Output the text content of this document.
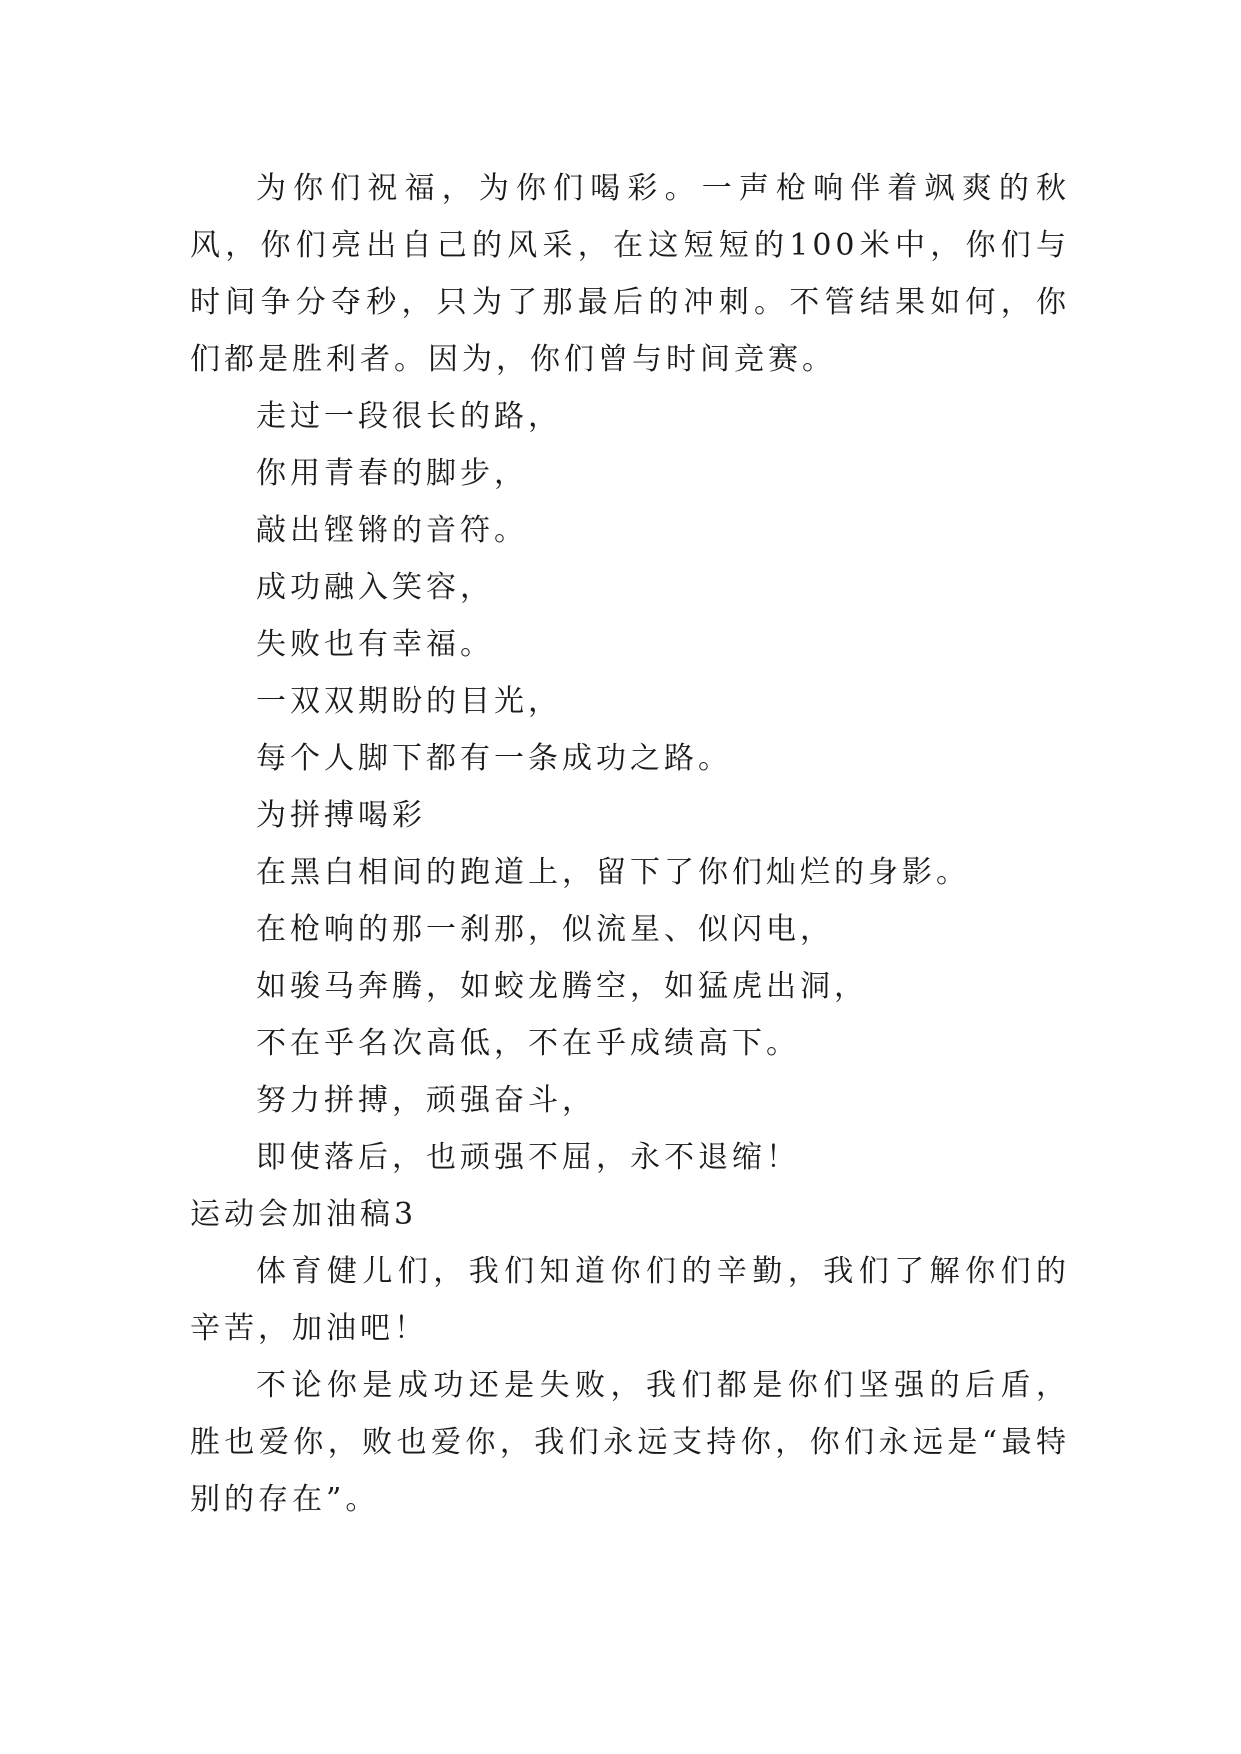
为你们祝福，为你们喝彩。一声枪响伴着飒爽的秋风，你们亮出自己的风采，在这短短的100米中，你们与时间争分夺秒，只为了那最后的冲刺。不管结果如何，你们都是胜利者。因为，你们曾与时间竞赛。

走过一段很长的路，

你用青春的脚步，

敲出铿锵的音符。

成功融入笑容，

失败也有幸福。

一双双期盼的目光，

每个人脚下都有一条成功之路。

为拼搏喝彩

在黑白相间的跑道上，留下了你们灿烂的身影。

在枪响的那一刹那，似流星、似闪电，

如骏马奔腾，如蛟龙腾空，如猛虎出洞，

不在乎名次高低，不在乎成绩高下。

努力拼搏，顽强奋斗，

即使落后，也顽强不屈，永不退缩！

运动会加油稿3

体育健儿们，我们知道你们的辛勤，我们了解你们的辛苦，加油吧！

不论你是成功还是失败，我们都是你们坚强的后盾，胜也爱你，败也爱你，我们永远支持你，你们永远是“最特别的存在”。
